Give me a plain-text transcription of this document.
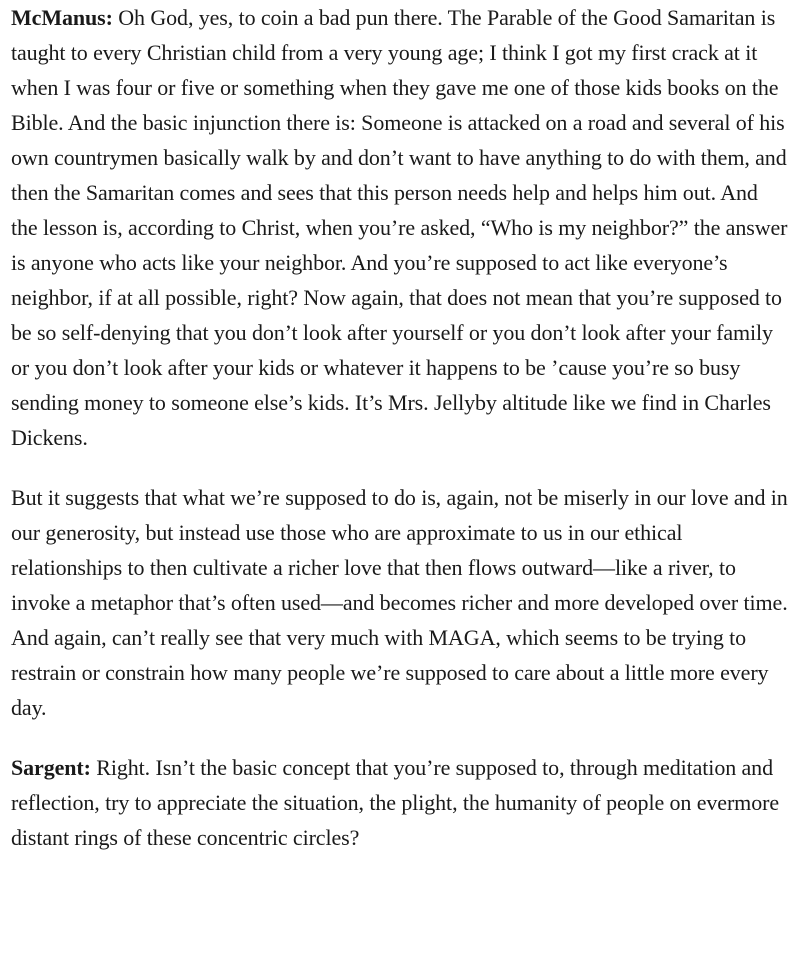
McManus: Oh God, yes, to coin a bad pun there. The Parable of the Good Samaritan is taught to every Christian child from a very young age; I think I got my first crack at it when I was four or five or something when they gave me one of those kids books on the Bible. And the basic injunction there is: Someone is attacked on a road and several of his own countrymen basically walk by and don’t want to have anything to do with them, and then the Samaritan comes and sees that this person needs help and helps him out. And the lesson is, according to Christ, when you’re asked, “Who is my neighbor?” the answer is anyone who acts like your neighbor. And you’re supposed to act like everyone’s neighbor, if at all possible, right? Now again, that does not mean that you’re supposed to be so self-denying that you don’t look after yourself or you don’t look after your family or you don’t look after your kids or whatever it happens to be ’cause you’re so busy sending money to someone else’s kids. It’s Mrs. Jellyby altitude like we find in Charles Dickens.

But it suggests that what we’re supposed to do is, again, not be miserly in our love and in our generosity, but instead use those who are approximate to us in our ethical relationships to then cultivate a richer love that then flows outward—like a river, to invoke a metaphor that’s often used—and becomes richer and more developed over time. And again, can’t really see that very much with MAGA, which seems to be trying to restrain or constrain how many people we’re supposed to care about a little more every day.

Sargent: Right. Isn’t the basic concept that you’re supposed to, through meditation and reflection, try to appreciate the situation, the plight, the humanity of people on evermore distant rings of these concentric circles?
